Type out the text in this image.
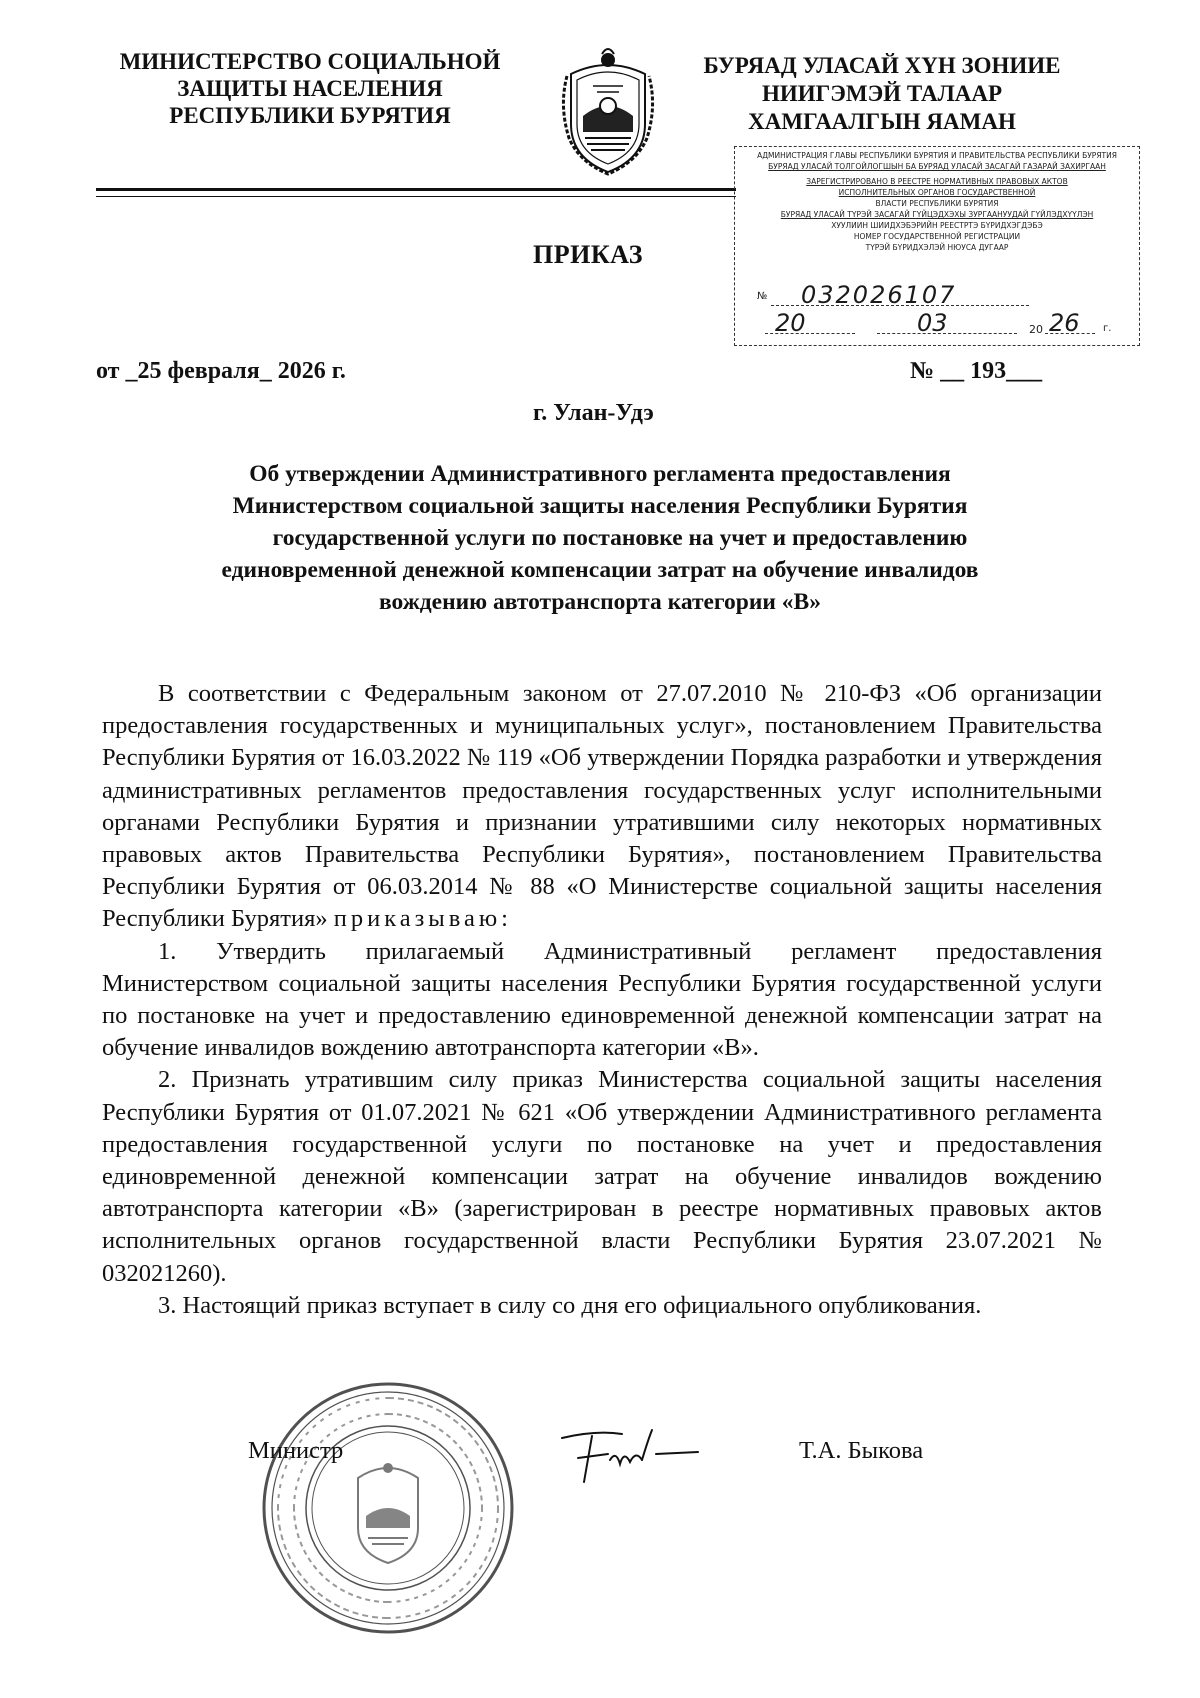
МИНИСТЕРСТВО СОЦИАЛЬНОЙ
ЗАЩИТЫ НАСЕЛЕНИЯ
РЕСПУБЛИКИ БУРЯТИЯ
БУРЯАД УЛАСАЙ ХҮН ЗОНИИЕ
НИИГЭМЭЙ ТАЛААР
ХАМГААЛГЫН ЯАМАН
АДМИНИСТРАЦИЯ ГЛАВЫ РЕСПУБЛИКИ БУРЯТИЯ И ПРАВИТЕЛЬСТВА РЕСПУБЛИКИ БУРЯТИЯ
БУРЯАД УЛАСАЙ ТОЛГОЙЛОГШЫН БА БУРЯАД УЛАСАЙ ЗАСАГАЙ ГАЗАРАЙ ЗАХИРГААН
ЗАРЕГИСТРИРОВАНО В РЕЕСТРЕ НОРМАТИВНЫХ ПРАВОВЫХ АКТОВ
ИСПОЛНИТЕЛЬНЫХ ОРГАНОВ ГОСУДАРСТВЕННОЙ
ВЛАСТИ РЕСПУБЛИКИ БУРЯТИЯ
БУРЯАД УЛАСАЙ ТҮРЭЙ ЗАСАГАЙ ГҮЙЦЭДХЭХЫ ЗУРГААНУУДАЙ ГҮЙЛЭДХҮҮЛЭН
ХУУЛИИН ШИИДХЭБЭРИЙН РЕЕСТРТЭ БҮРИДХЭГДЭБЭ
НОМЕР ГОСУДАРСТВЕННОЙ РЕГИСТРАЦИИ
ТҮРЭЙ БҮРИДХЭЛЭЙ НЮУСА ДУГААР
№ 032026107
20	03	20 26 г.
ПРИКАЗ
от _25 февраля_ 2026 г.	№ __ 193___
г. Улан-Удэ
Об утверждении Административного регламента предоставления
Министерством социальной защиты населения Республики Бурятия
государственной услуги по постановке на учет и предоставлению
единовременной денежной компенсации затрат на обучение инвалидов
вождению автотранспорта категории «В»

В соответствии с Федеральным законом от 27.07.2010 № 210-ФЗ «Об организации предоставления государственных и муниципальных услуг», постановлением Правительства Республики Бурятия от 16.03.2022 № 119 «Об утверждении Порядка разработки и утверждения административных регламентов предоставления государственных услуг исполнительными органами Республики Бурятия и признании утратившими силу некоторых нормативных правовых актов Правительства Республики Бурятия», постановлением Правительства Республики Бурятия от 06.03.2014 № 88 «О Министерстве социальной защиты населения Республики Бурятия» приказываю:

1. Утвердить прилагаемый Административный регламент предоставления Министерством социальной защиты населения Республики Бурятия государственной услуги по постановке на учет и предоставлению единовременной денежной компенсации затрат на обучение инвалидов вождению автотранспорта категории «В».

2. Признать утратившим силу приказ Министерства социальной защиты населения Республики Бурятия от 01.07.2021 № 621 «Об утверждении Административного регламента предоставления государственной услуги по постановке на учет и предоставления единовременной денежной компенсации затрат на обучение инвалидов вождению автотранспорта категории «В» (зарегистрирован в реестре нормативных правовых актов исполнительных органов государственной власти Республики Бурятия 23.07.2021 № 032021260).

3. Настоящий приказ вступает в силу со дня его официального опубликования.

Министр	Т.А. Быкова
